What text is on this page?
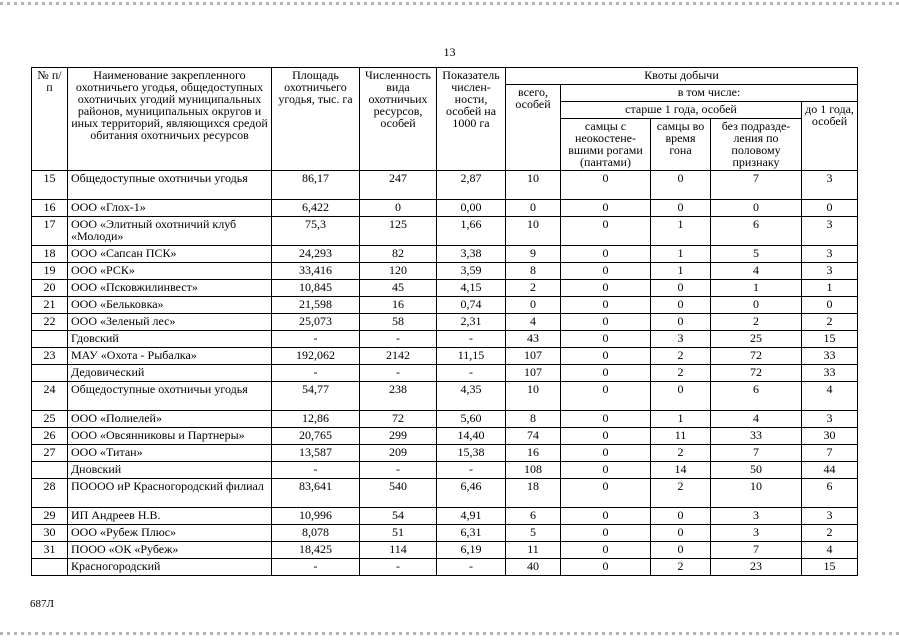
13
№ п/п	Наименование закрепленного охотничьего угодья, общедоступных охотничьих угодий муниципальных районов, муниципальных округов и иных территорий, являющихся средой обитания охотничьих ресурсов	Площадь охотничьего угодья, тыс. га	Численность вида охотничьих ресурсов, особей	Показатель числен- ности, особей на 1000 га	Квоты добычи				
					всего, особей	в том числе:			
						старше 1 года, особей			до 1 года, особей
						самцы с неокостене- вшими рогами (пантами)	самцы во время гона	без подразде- ления по половому признаку	
15	Общедоступные охотничьи угодья	86,17	247	2,87	10	0	0	7	3
16	ООО «Глох-1»	6,422	0	0,00	0	0	0	0	0
17	ООО «Элитный охотничий клуб «Молоди»	75,3	125	1,66	10	0	1	6	3
18	ООО «Сапсан ПСК»	24,293	82	3,38	9	0	1	5	3
19	ООО «РСК»	33,416	120	3,59	8	0	1	4	3
20	ООО «Псковжилинвест»	10,845	45	4,15	2	0	0	1	1
21	ООО «Бельковка»	21,598	16	0,74	0	0	0	0	0
22	ООО «Зеленый лес»	25,073	58	2,31	4	0	0	2	2
	Гдовский	-	-	-	43	0	3	25	15
23	МАУ «Охота - Рыбалка»	192,062	2142	11,15	107	0	2	72	33
	Дедовический	-	-	-	107	0	2	72	33
24	Общедоступные охотничьи угодья	54,77	238	4,35	10	0	0	6	4
25	ООО «Полиелей»	12,86	72	5,60	8	0	1	4	3
26	ООО «Овсянниковы и Партнеры»	20,765	299	14,40	74	0	11	33	30
27	ООО «Титан»	13,587	209	15,38	16	0	2	7	7
	Дновский	-	-	-	108	0	14	50	44
28	ПОООО иР Красногородский филиал	83,641	540	6,46	18	0	2	10	6
29	ИП Андреев Н.В.	10,996	54	4,91	6	0	0	3	3
30	ООО «Рубеж Плюс»	8,078	51	6,31	5	0	0	3	2
31	ПООО «ОК «Рубеж»	18,425	114	6,19	11	0	0	7	4
	Красногородский	-	-	-	40	0	2	23	15
687Л
